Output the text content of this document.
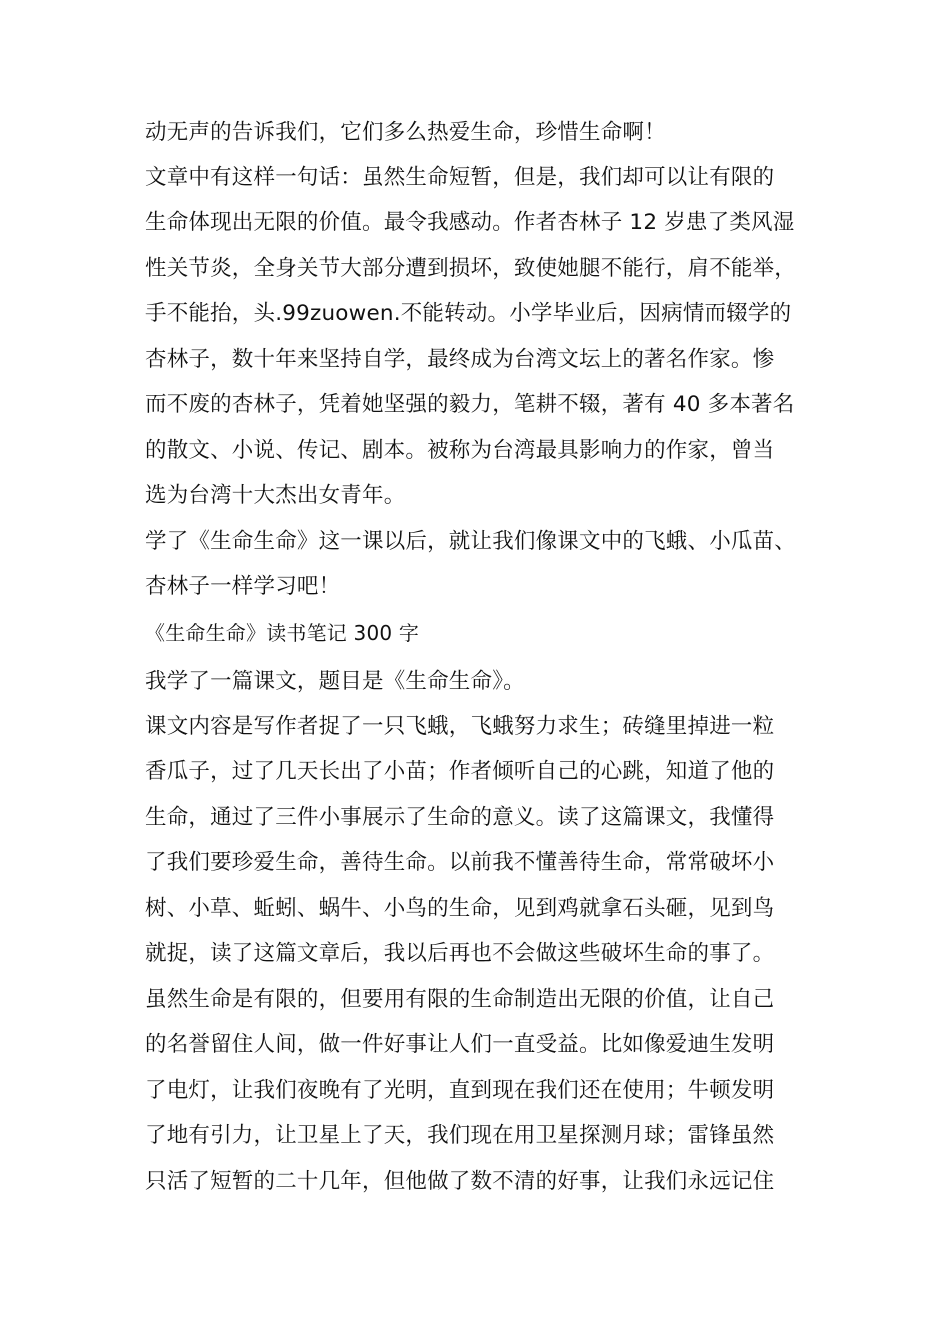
动无声的告诉我们，它们多么热爱生命，珍惜生命啊！
文章中有这样一句话：虽然生命短暂，但是，我们却可以让有限的
生命体现出无限的价值。最令我感动。作者杏林子 12 岁患了类风湿
性关节炎，全身关节大部分遭到损坏，致使她腿不能行，肩不能举，
手不能抬，头.99zuowen.不能转动。小学毕业后，因病情而辍学的
杏林子，数十年来坚持自学，最终成为台湾文坛上的著名作家。惨
而不废的杏林子，凭着她坚强的毅力，笔耕不辍，著有 40 多本著名
的散文、小说、传记、剧本。被称为台湾最具影响力的作家，曾当
选为台湾十大杰出女青年。
学了《生命生命》这一课以后，就让我们像课文中的飞蛾、小瓜苗、
杏林子一样学习吧！
《生命生命》读书笔记 300 字
我学了一篇课文，题目是《生命生命》。
课文内容是写作者捉了一只飞蛾，飞蛾努力求生；砖缝里掉进一粒
香瓜子，过了几天长出了小苗；作者倾听自己的心跳，知道了他的
生命，通过了三件小事展示了生命的意义。读了这篇课文，我懂得
了我们要珍爱生命，善待生命。以前我不懂善待生命，常常破坏小
树、小草、蚯蚓、蜗牛、小鸟的生命，见到鸡就拿石头砸，见到鸟
就捉，读了这篇文章后，我以后再也不会做这些破坏生命的事了。
虽然生命是有限的，但要用有限的生命制造出无限的价值，让自己
的名誉留住人间，做一件好事让人们一直受益。比如像爱迪生发明
了电灯，让我们夜晚有了光明，直到现在我们还在使用；牛顿发明
了地有引力，让卫星上了天，我们现在用卫星探测月球；雷锋虽然
只活了短暂的二十几年，但他做了数不清的好事，让我们永远记住
